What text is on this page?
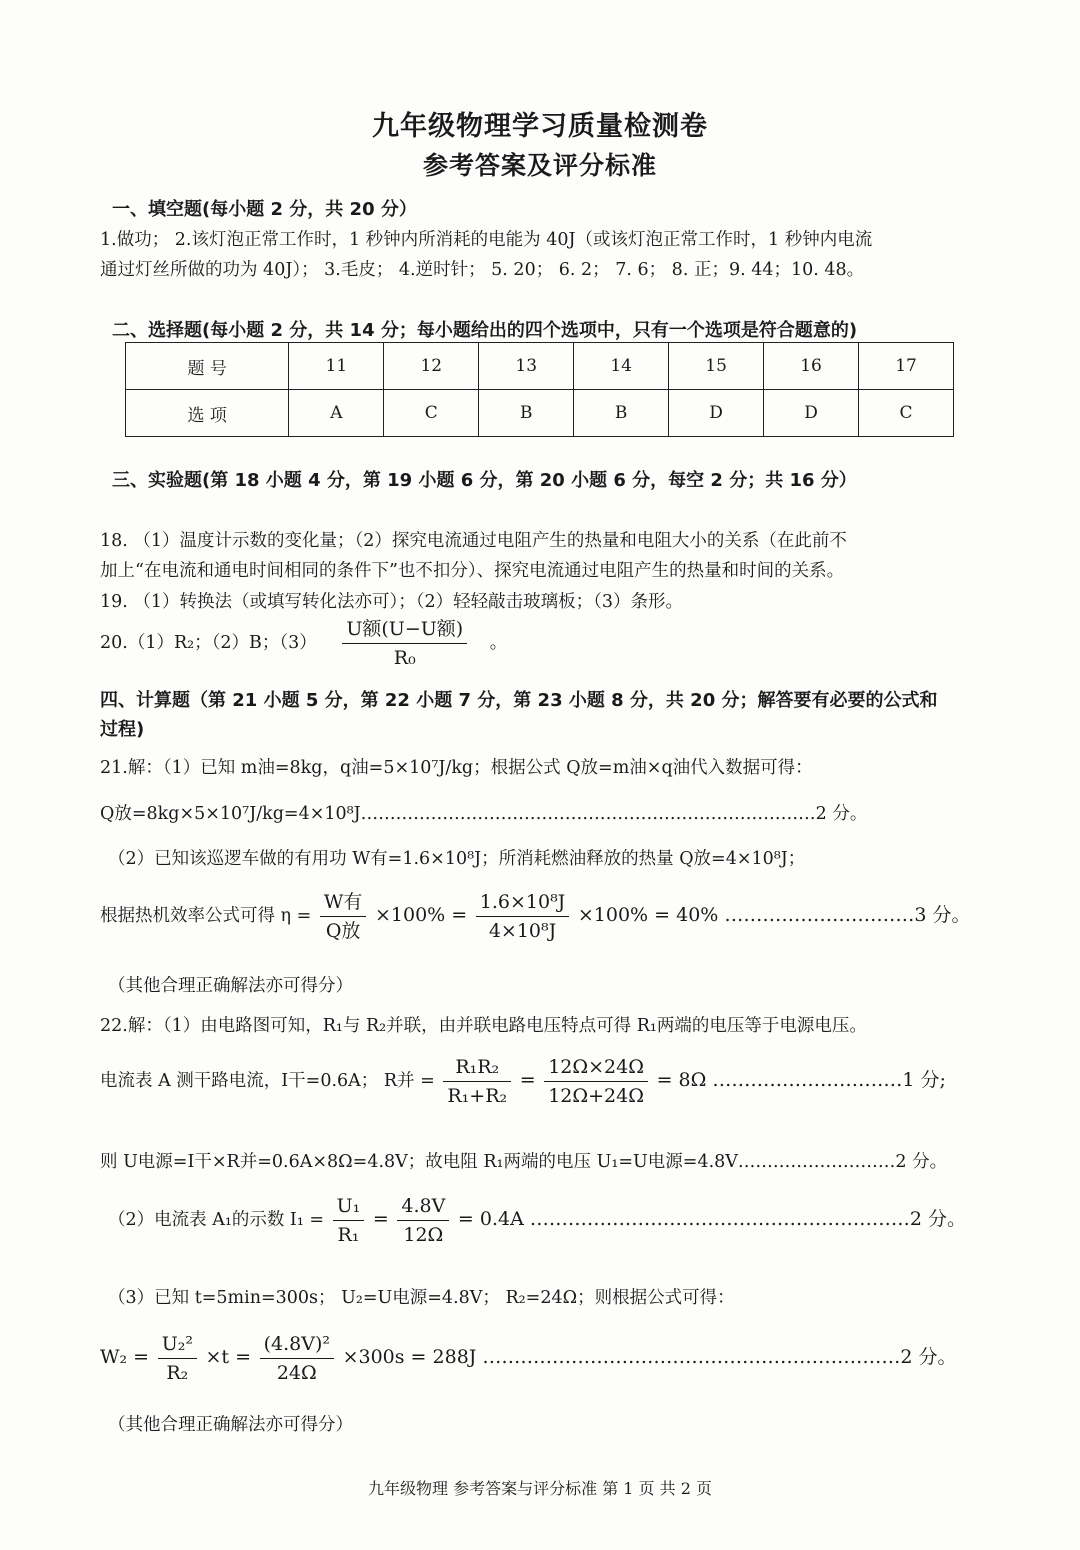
九年级物理学习质量检测卷
参考答案及评分标准
一、填空题(每小题 2 分，共 20 分）
1.做功； 2.该灯泡正常工作时，1 秒钟内所消耗的电能为 40J（或该灯泡正常工作时，1 秒钟内电流
通过灯丝所做的功为 40J）； 3.毛皮； 4.逆时针； 5. 20； 6. 2； 7. 6； 8. 正；9. 44；10. 48。
二、选择题(每小题 2 分，共 14 分；每小题给出的四个选项中，只有一个选项是符合题意的)
题 号	11	12	13	14	15	16	17
选 项	A	C	B	B	D	D	C
三、实验题(第 18 小题 4 分，第 19 小题 6 分，第 20 小题 6 分，每空 2 分；共 16 分）
18. （1）温度计示数的变化量；（2）探究电流通过电阻产生的热量和电阻大小的关系（在此前不
加上“在电流和通电时间相同的条件下”也不扣分）、探究电流通过电阻产生的热量和时间的关系。
19. （1）转换法（或填写转化法亦可）；（2）轻轻敲击玻璃板；（3）条形。
20.（1）R₂；（2）B；$(3) \frac{\text{U额(U−U额)}}{\text{R₀}}$ 。
四、计算题（第 21 小题 5 分，第 22 小题 7 分，第 23 小题 8 分，共 20 分；解答要有必要的公式和
过程)
21.解：（1）已知 m油=8kg，q油=5×10⁷J/kg；根据公式 Q放=m油×q油代入数据可得：
Q放=8kg×5×10⁷J/kg=4×10⁸J……………………………………………………………………2 分。
（2）已知该巡逻车做的有用功 W有=1.6×10⁸J；所消耗燃油释放的热量 Q放=4×10⁸J；
根据热机效率公式可得 $\eta = \frac{\text{W有}}{\text{Q放}} \times 100\% = \frac{\text{1.6×10⁸J}}{\text{4×10⁸J}} \times 100\% = 40\%$ …………………………3 分。
（其他合理正确解法亦可得分）
22.解：（1）由电路图可知，R₁与 R₂并联，由并联电路电压特点可得 R₁两端的电压等于电源电压。
电流表 A 测干路电流，I干=0.6A； R并 = $\frac{\text{R₁R₂}}{\text{R₁+R₂}} = \frac{12\Omega\times 24\Omega}{12\Omega+24\Omega} = 8\Omega$ …………………………1 分;
则 U电源=I干×R并=0.6A×8Ω=4.8V；故电阻 R₁两端的电压 U₁=U电源=4.8V………………………2 分。
（2）电流表 A₁的示数 $I_1 = \frac{\text{U₁}}{\text{R₁}} = \frac{4.8V}{12\Omega} = 0.4A$ ……………………………………………………2 分。
（3）已知 t=5min=300s； U₂=U电源=4.8V； R₂=24Ω；则根据公式可得：
$W_2 = \frac{\text{U₂²}}{\text{R₂}} \times t = \frac{\text{(4.8V)²}}{24\Omega} \times 300s = 288J$ …………………………………………………………2 分。
（其他合理正确解法亦可得分）
九年级物理 参考答案与评分标准 第 1 页 共 2 页
